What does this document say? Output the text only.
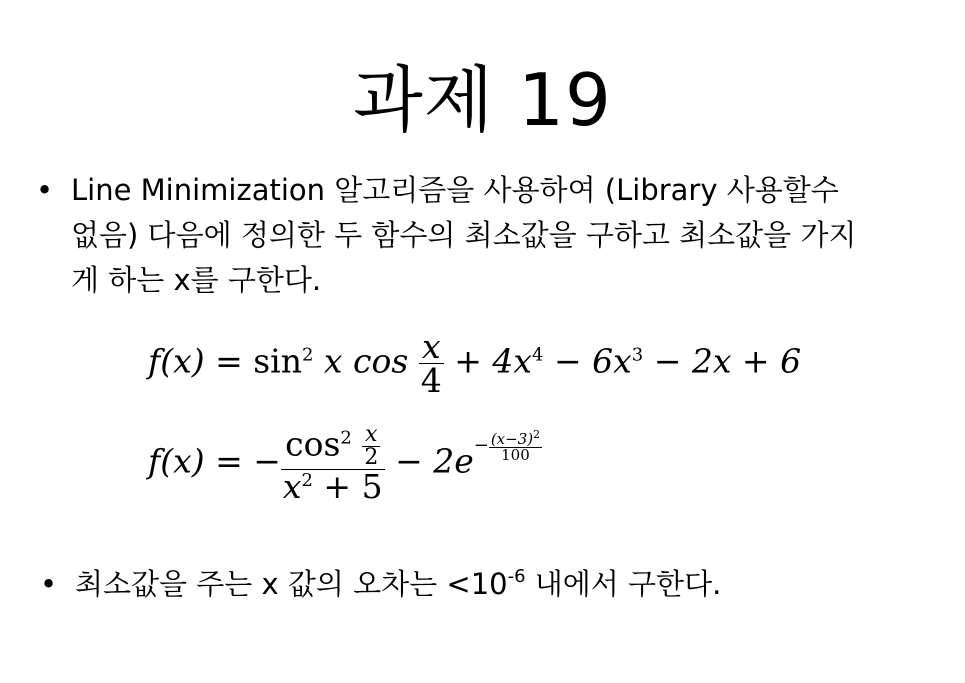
과제 19
• Line Minimization 알고리즘을 사용하여 (Library 사용할수
없음) 다음에 정의한 두 함수의 최소값을 구하고 최소값을 가지
게 하는 x를 구한다.
$f(x) = \sin^2 x$ $\cos \frac{x}{4} + 4x^4 - 6x^3 - 2x + 6$
f(x) = − $\frac{\cos^2 \frac{x}{2}}{x^2 + 5} - 2e- \frac{(x-3)^2}{100}$
• 최소값을 주는 x 값의 오차는 $<10^{-6}$ 내에서 구한다.
